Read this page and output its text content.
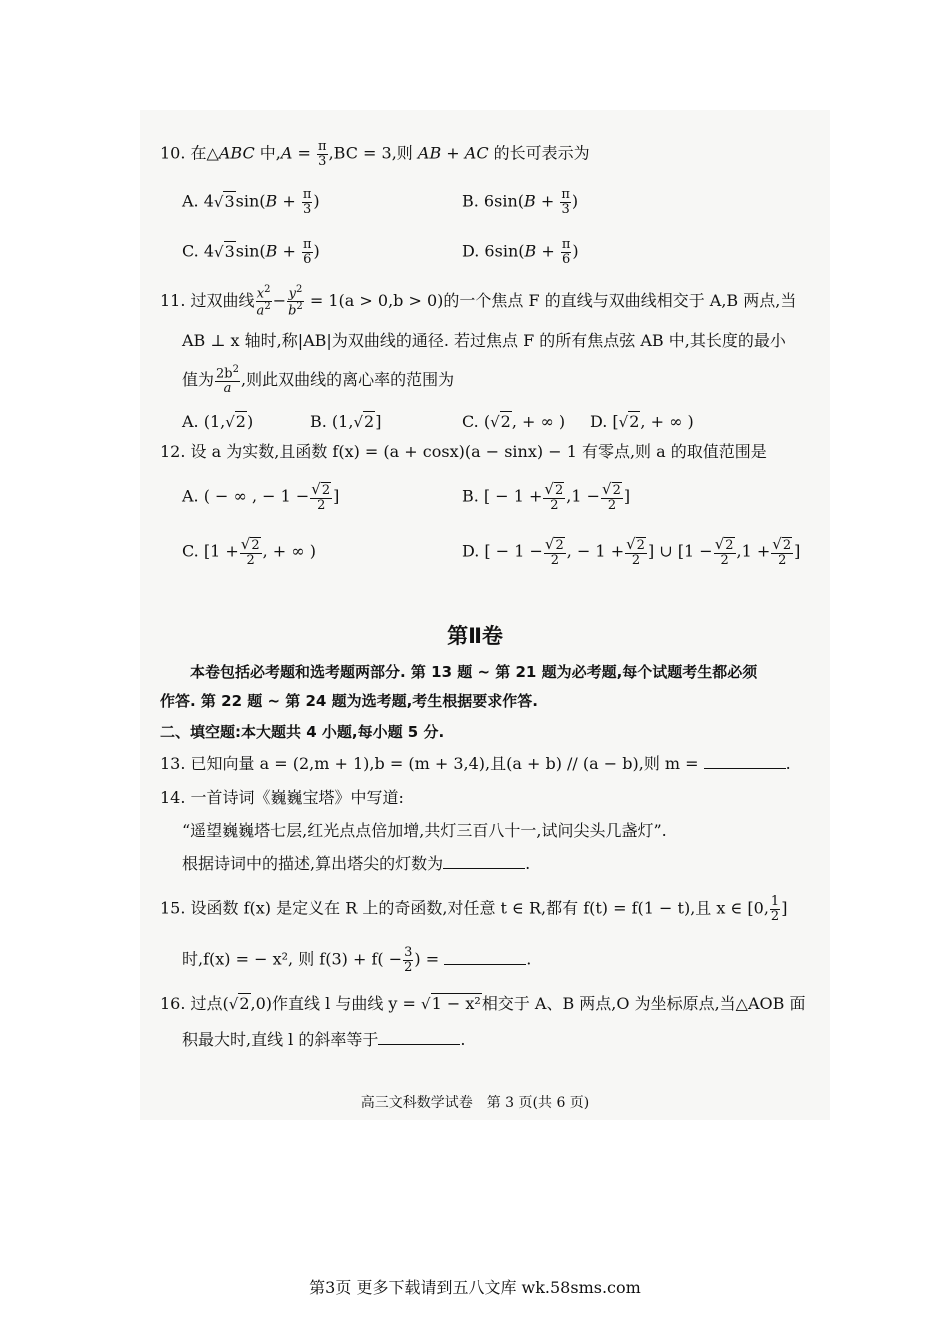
10. 在△ABC 中$,A = \frac{\pi}{3} ,BC = 3$,则 AB + AC 的长可表示为
A. $4√3\sin(B + \frac{\pi}{3}$ )	B. $6\sin(B + \frac{\pi}{3}$ )
C. $4√3\sin(B + \frac{\pi}{6}$ )	D. $6\sin(B + \frac{\pi}{6}$ )
11. 过双曲线 $\frac{x^2}{a^2} - \frac{y^2}{b^2} = 1(a > 0,b > 0)$的一个焦点 F 的直线与双曲线相交于 A,B 两点,当
AB ⊥ x 轴时,称|AB|为双曲线的通径. 若过焦点 F 的所有焦点弦 AB 中,其长度的最小
值为 $\frac{2b^2}{a}$ ,则此双曲线的离心率的范围为
A. (1,√2)	B. (1,√2]	C. (√2, + ∞ ) D. [√2, + ∞ )
12. 设 a 为实数,且函数 f(x) = (a + cosx)(a − sinx) − 1 有零点,则 a 的取值范围是
A. ( − ∞ , − $1 - \frac{√2}{2}$ ]	B. [ − $1 + \frac{√2}{2} ,1 - \frac{√2}{2}$ ]
C. [$1 + \frac{√2}{2}$ , + ∞ )	D. [ − $1 - \frac{√2}{2}$ , − $1 + \frac{√2}{2}$ ] ∪ [$1 - \frac{√2}{2} ,1 + \frac{√2}{2}$ ]
第Ⅱ卷
本卷包括必考题和选考题两部分. 第 13 题 ~ 第 21 题为必考题,每个试题考生都必须
作答. 第 22 题 ~ 第 24 题为选考题,考生根据要求作答.
二、填空题:本大题共 4 小题,每小题 5 分.
13. 已知向量 a = (2,m + 1),b = (m + 3,4),且(a + b) // (a − b),则 m =	.
14. 一首诗词《巍巍宝塔》中写道:
“遥望巍巍塔七层,红光点点倍加增,共灯三百八十一,试问尖头几盏灯”.
根据诗词中的描述,算出塔尖的灯数为	.
15. 设函数 f(x) 是定义在 R 上的奇函数,对任意 t ∈ R,都有 f(t) = f(1 − t),且 x ∈ [0, $\frac{1}{2}$ ]
时,f(x) = − x², 则 $f(3) + f( - \frac{3}{2}$ ) =	.
16. 过点(√2,0)作直线 l 与曲线 y = √1 − x²相交于 A、B 两点,O 为坐标原点,当△AOB 面
积最大时,直线 l 的斜率等于	.
高三文科数学试卷　第 3 页(共 6 页)
第3页 更多下载请到五八文库 wk.58sms.com
